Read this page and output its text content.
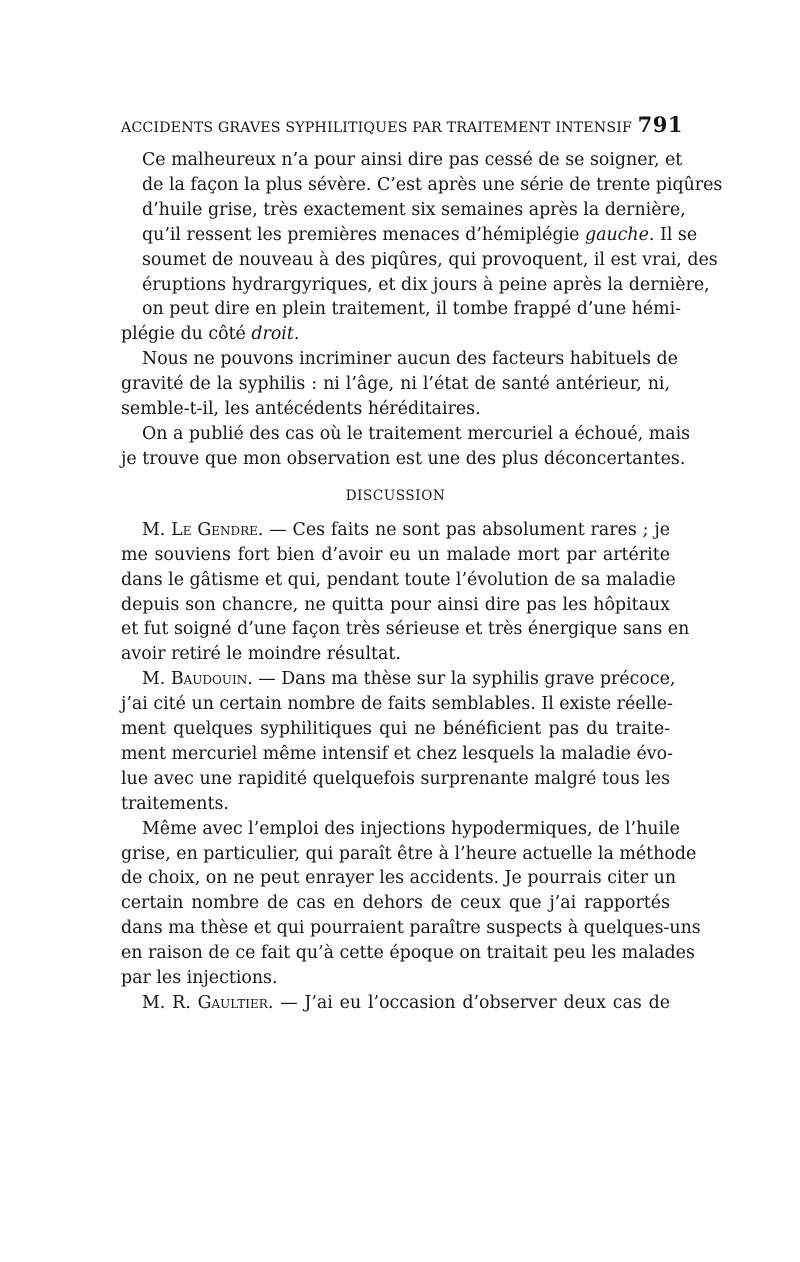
ACCIDENTS GRAVES SYPHILITIQUES PAR TRAITEMENT INTENSIF 791

Ce malheureux n’a pour ainsi dire pas cessé de se soigner, et
de la façon la plus sévère. C’est après une série de trente piqûres
d’huile grise, très exactement six semaines après la dernière,
qu’il ressent les premières menaces d’hémiplégie gauche. Il se
soumet de nouveau à des piqûres, qui provoquent, il est vrai, des
éruptions hydrargyriques, et dix jours à peine après la dernière,
on peut dire en plein traitement, il tombe frappé d’une hémi-
plégie du côté droit.

Nous ne pouvons incriminer aucun des facteurs habituels de
gravité de la syphilis : ni l’âge, ni l’état de santé antérieur, ni,
semble-t-il, les antécédents héréditaires.

On a publié des cas où le traitement mercuriel a échoué, mais
je trouve que mon observation est une des plus déconcertantes.

DISCUSSION

M. Le Gendre. — Ces faits ne sont pas absolument rares ; je
me souviens fort bien d’avoir eu un malade mort par artérite
dans le gâtisme et qui, pendant toute l’évolution de sa maladie
depuis son chancre, ne quitta pour ainsi dire pas les hôpitaux
et fut soigné d’une façon très sérieuse et très énergique sans en
avoir retiré le moindre résultat.

M. Baudouin. — Dans ma thèse sur la syphilis grave précoce,
j’ai cité un certain nombre de faits semblables. Il existe réelle-
ment quelques syphilitiques qui ne bénéficient pas du traite-
ment mercuriel même intensif et chez lesquels la maladie évo-
lue avec une rapidité quelquefois surprenante malgré tous les
traitements.

Même avec l’emploi des injections hypodermiques, de l’huile
grise, en particulier, qui paraît être à l’heure actuelle la méthode
de choix, on ne peut enrayer les accidents. Je pourrais citer un
certain nombre de cas en dehors de ceux que j’ai rapportés
dans ma thèse et qui pourraient paraître suspects à quelques-uns
en raison de ce fait qu’à cette époque on traitait peu les malades
par les injections.

M. R. Gaultier. — J’ai eu l’occasion d’observer deux cas de
